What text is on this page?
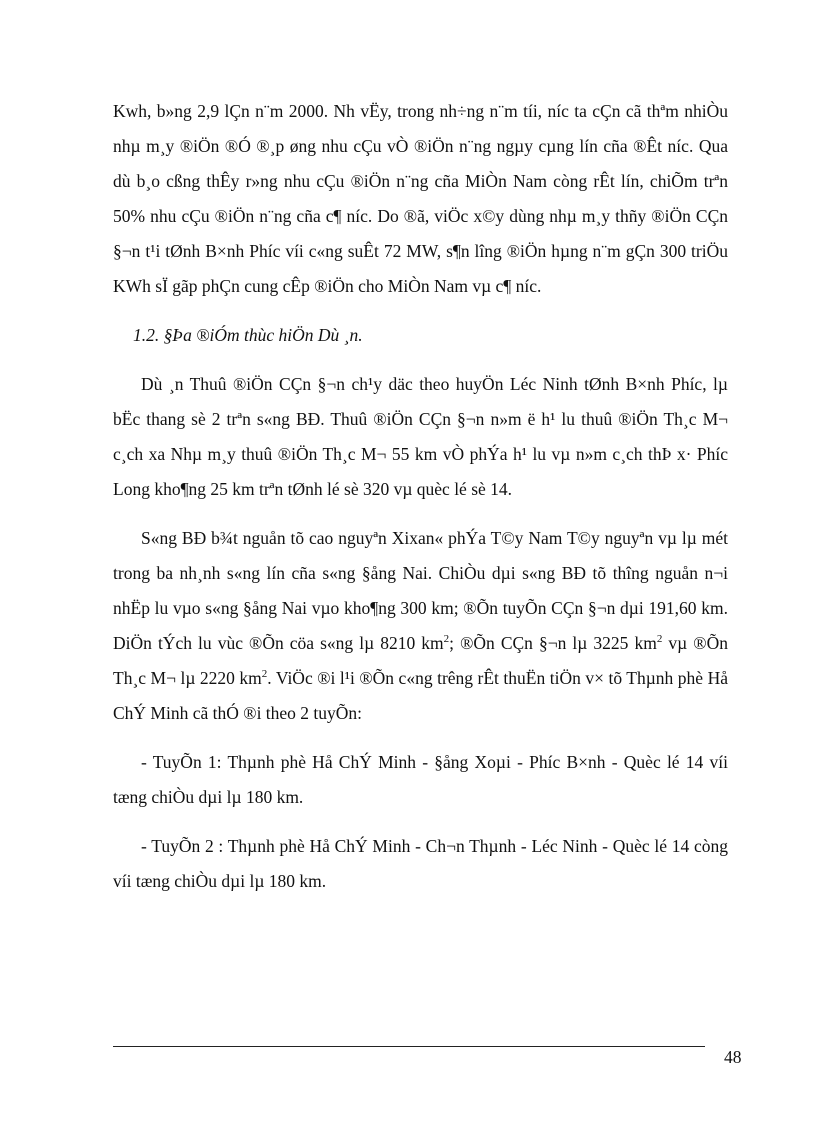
Kwh, b»ng 2,9 lÇn n¨m 2000. Nh vËy, trong nh÷ng n¨m tíi, níc ta cÇn cã thªm nhiÒu nhµ m¸y ®iÖn ®Ó ®¸p øng nhu cÇu vÒ ®iÖn n¨ng ngµy cµng lín cña ®Êt níc. Qua dù b¸o cßng thÊy r»ng nhu cÇu ®iÖn n¨ng cña MiÒn Nam còng rÊt lín, chiÕm trªn 50% nhu cÇu ®iÖn n¨ng cña c¶ níc. Do ®ã, viÖc x©y dùng nhµ m¸y thñy ®iÖn CÇn §¬n t¹i tØnh B×nh Phíc víi c«ng suÊt 72 MW, s¶n lîng ®iÖn hµng n¨m gÇn 300 triÖu KWh sÏ gãp phÇn cung cÊp ®iÖn cho MiÒn Nam vµ c¶ níc.

1.2. §Þa ®iÓm thùc hiÖn Dù ¸n.

Dù ¸n Thuû ®iÖn CÇn §¬n ch¹y däc theo huyÖn Léc Ninh tØnh B×nh Phíc, lµ bËc thang sè 2 trªn s«ng BÐ. Thuû ®iÖn CÇn §¬n n»m ë h¹ lu thuû ®iÖn Th¸c M¬ c¸ch xa Nhµ m¸y thuû ®iÖn Th¸c M¬ 55 km vÒ phÝa h¹ lu vµ n»m c¸ch thÞ x· Phíc Long kho¶ng 25 km trªn tØnh lé sè 320 vµ quèc lé sè 14.

S«ng BÐ b¾t nguån tõ cao nguyªn Xixan« phÝa T©y Nam T©y nguyªn vµ lµ mét trong ba nh¸nh s«ng lín cña s«ng §ång Nai. ChiÒu dµi s«ng BÐ tõ thîng nguån n¬i nhËp lu vµo s«ng §ång Nai vµo kho¶ng 300 km; ®Õn tuyÕn CÇn §¬n dµi 191,60 km. DiÖn tÝch lu vùc ®Õn cöa s«ng lµ 8210 $km^2$; ®Õn CÇn §¬n lµ 3225 $km^2$ vµ ®Õn Th¸c M¬ lµ 2220 $km^2$. ViÖc ®i l¹i ®Õn c«ng trêng rÊt thuËn tiÖn v× tõ Thµnh phè Hå ChÝ Minh cã thÓ ®i theo 2 tuyÕn:

- TuyÕn 1: Thµnh phè Hå ChÝ Minh - §ång Xoµi - Phíc B×nh - Quèc lé 14 víi tæng chiÒu dµi lµ 180 km.

- TuyÕn 2 : Thµnh phè Hå ChÝ Minh - Ch¬n Thµnh - Léc Ninh - Quèc lé 14 còng víi tæng chiÒu dµi lµ 180 km.

48
